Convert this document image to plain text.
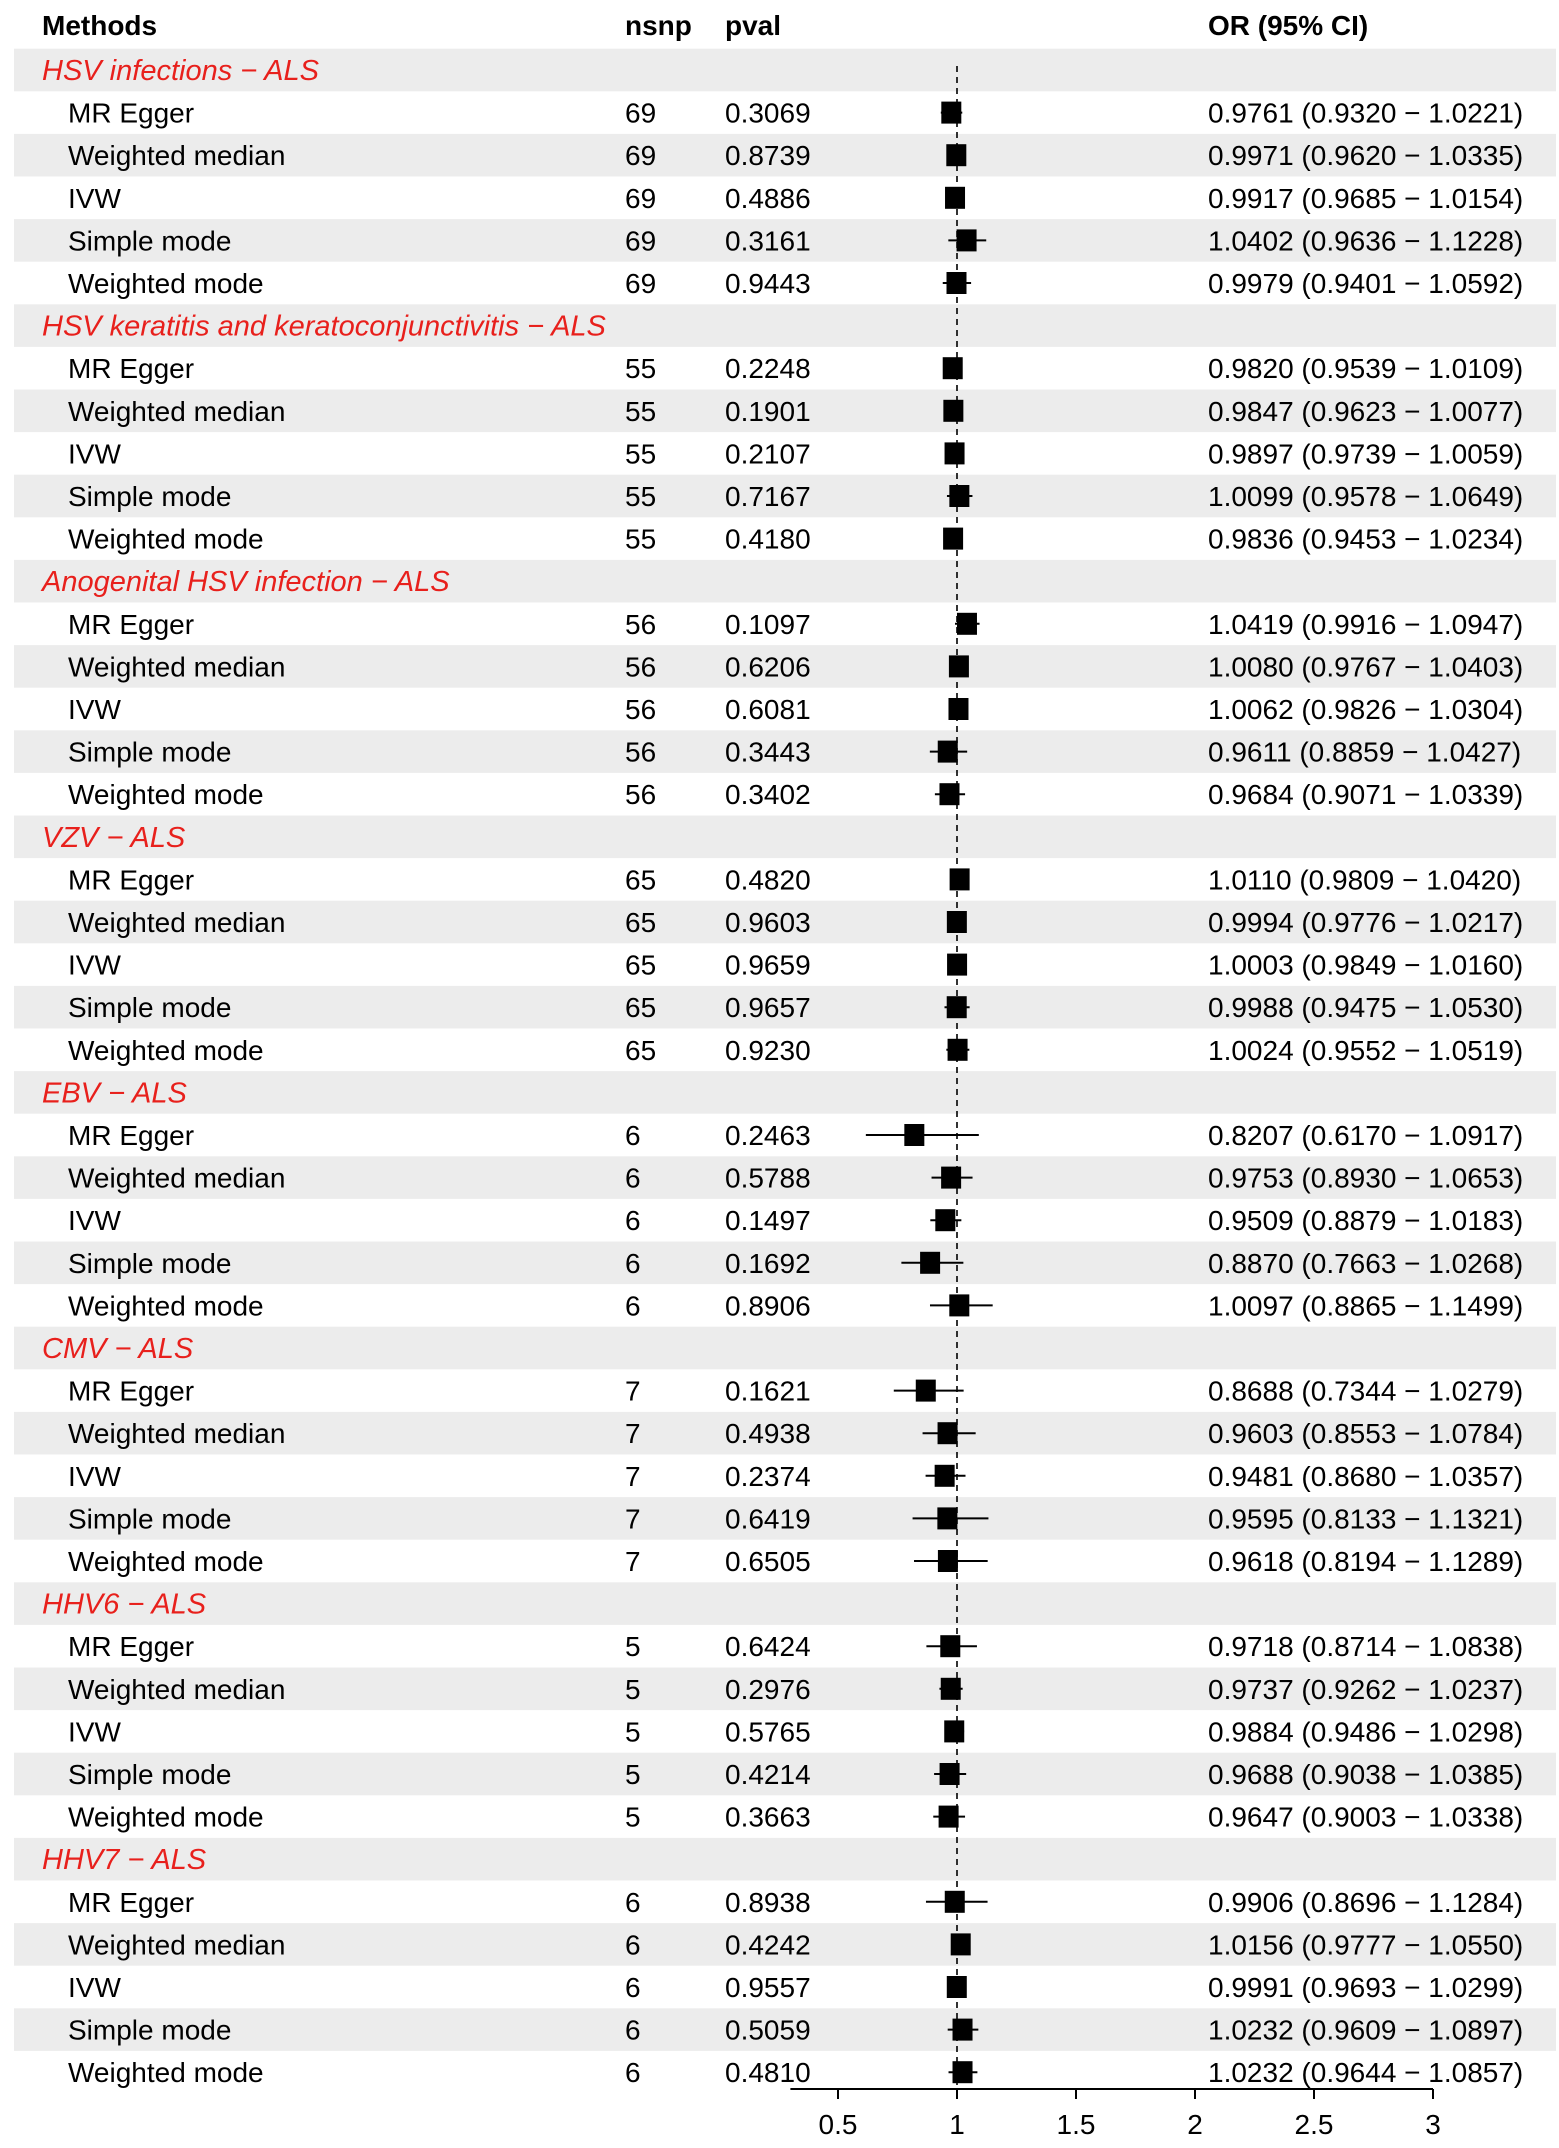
Methods	nsnp pval	OR (95% CI)
HSV infections − ALS
MR Egger	69 0.3069	0.9761 (0.9320 − 1.0221)
Weighted median	69 0.8739	0.9971 (0.9620 − 1.0335)
IVW	69 0.4886	0.9917 (0.9685 − 1.0154)
Simple mode	69 0.3161	1.0402 (0.9636 − 1.1228)
Weighted mode	69 0.9443	0.9979 (0.9401 − 1.0592)
HSV keratitis and keratoconjunctivitis − ALS
MR Egger	55 0.2248	0.9820 (0.9539 − 1.0109)
Weighted median	55 0.1901	0.9847 (0.9623 − 1.0077)
IVW	55 0.2107	0.9897 (0.9739 − 1.0059)
Simple mode	55 0.7167	1.0099 (0.9578 − 1.0649)
Weighted mode	55 0.4180	0.9836 (0.9453 − 1.0234)
Anogenital HSV infection − ALS
MR Egger	56 0.1097	1.0419 (0.9916 − 1.0947)
Weighted median	56 0.6206	1.0080 (0.9767 − 1.0403)
IVW	56 0.6081	1.0062 (0.9826 − 1.0304)
Simple mode	56 0.3443	0.9611 (0.8859 − 1.0427)
Weighted mode	56 0.3402	0.9684 (0.9071 − 1.0339)
VZV − ALS
MR Egger	65 0.4820	1.0110 (0.9809 − 1.0420)
Weighted median	65 0.9603	0.9994 (0.9776 − 1.0217)
IVW	65 0.9659	1.0003 (0.9849 − 1.0160)
Simple mode	65 0.9657	0.9988 (0.9475 − 1.0530)
Weighted mode	65 0.9230	1.0024 (0.9552 − 1.0519)
EBV − ALS
MR Egger	6	0.2463	0.8207 (0.6170 − 1.0917)
Weighted median	6	0.5788	0.9753 (0.8930 − 1.0653)
IVW	6	0.1497	0.9509 (0.8879 − 1.0183)
Simple mode	6	0.1692	0.8870 (0.7663 − 1.0268)
Weighted mode	6	0.8906	1.0097 (0.8865 − 1.1499)
CMV − ALS
MR Egger	7	0.1621	0.8688 (0.7344 − 1.0279)
Weighted median	7	0.4938	0.9603 (0.8553 − 1.0784)
IVW	7	0.2374	0.9481 (0.8680 − 1.0357)
Simple mode	7	0.6419	0.9595 (0.8133 − 1.1321)
Weighted mode	7	0.6505	0.9618 (0.8194 − 1.1289)
HHV6 − ALS
MR Egger	5	0.6424	0.9718 (0.8714 − 1.0838)
Weighted median	5	0.2976	0.9737 (0.9262 − 1.0237)
IVW	5	0.5765	0.9884 (0.9486 − 1.0298)
Simple mode	5	0.4214	0.9688 (0.9038 − 1.0385)
Weighted mode	5	0.3663	0.9647 (0.9003 − 1.0338)
HHV7 − ALS
MR Egger	6	0.8938	0.9906 (0.8696 − 1.1284)
Weighted median	6	0.4242	1.0156 (0.9777 − 1.0550)
IVW	6	0.9557	0.9991 (0.9693 − 1.0299)
Simple mode	6	0.5059	1.0232 (0.9609 − 1.0897)
Weighted mode	6	0.4810	1.0232 (0.9644 − 1.0857)
0.5	1	1.5	2	2.5	3
